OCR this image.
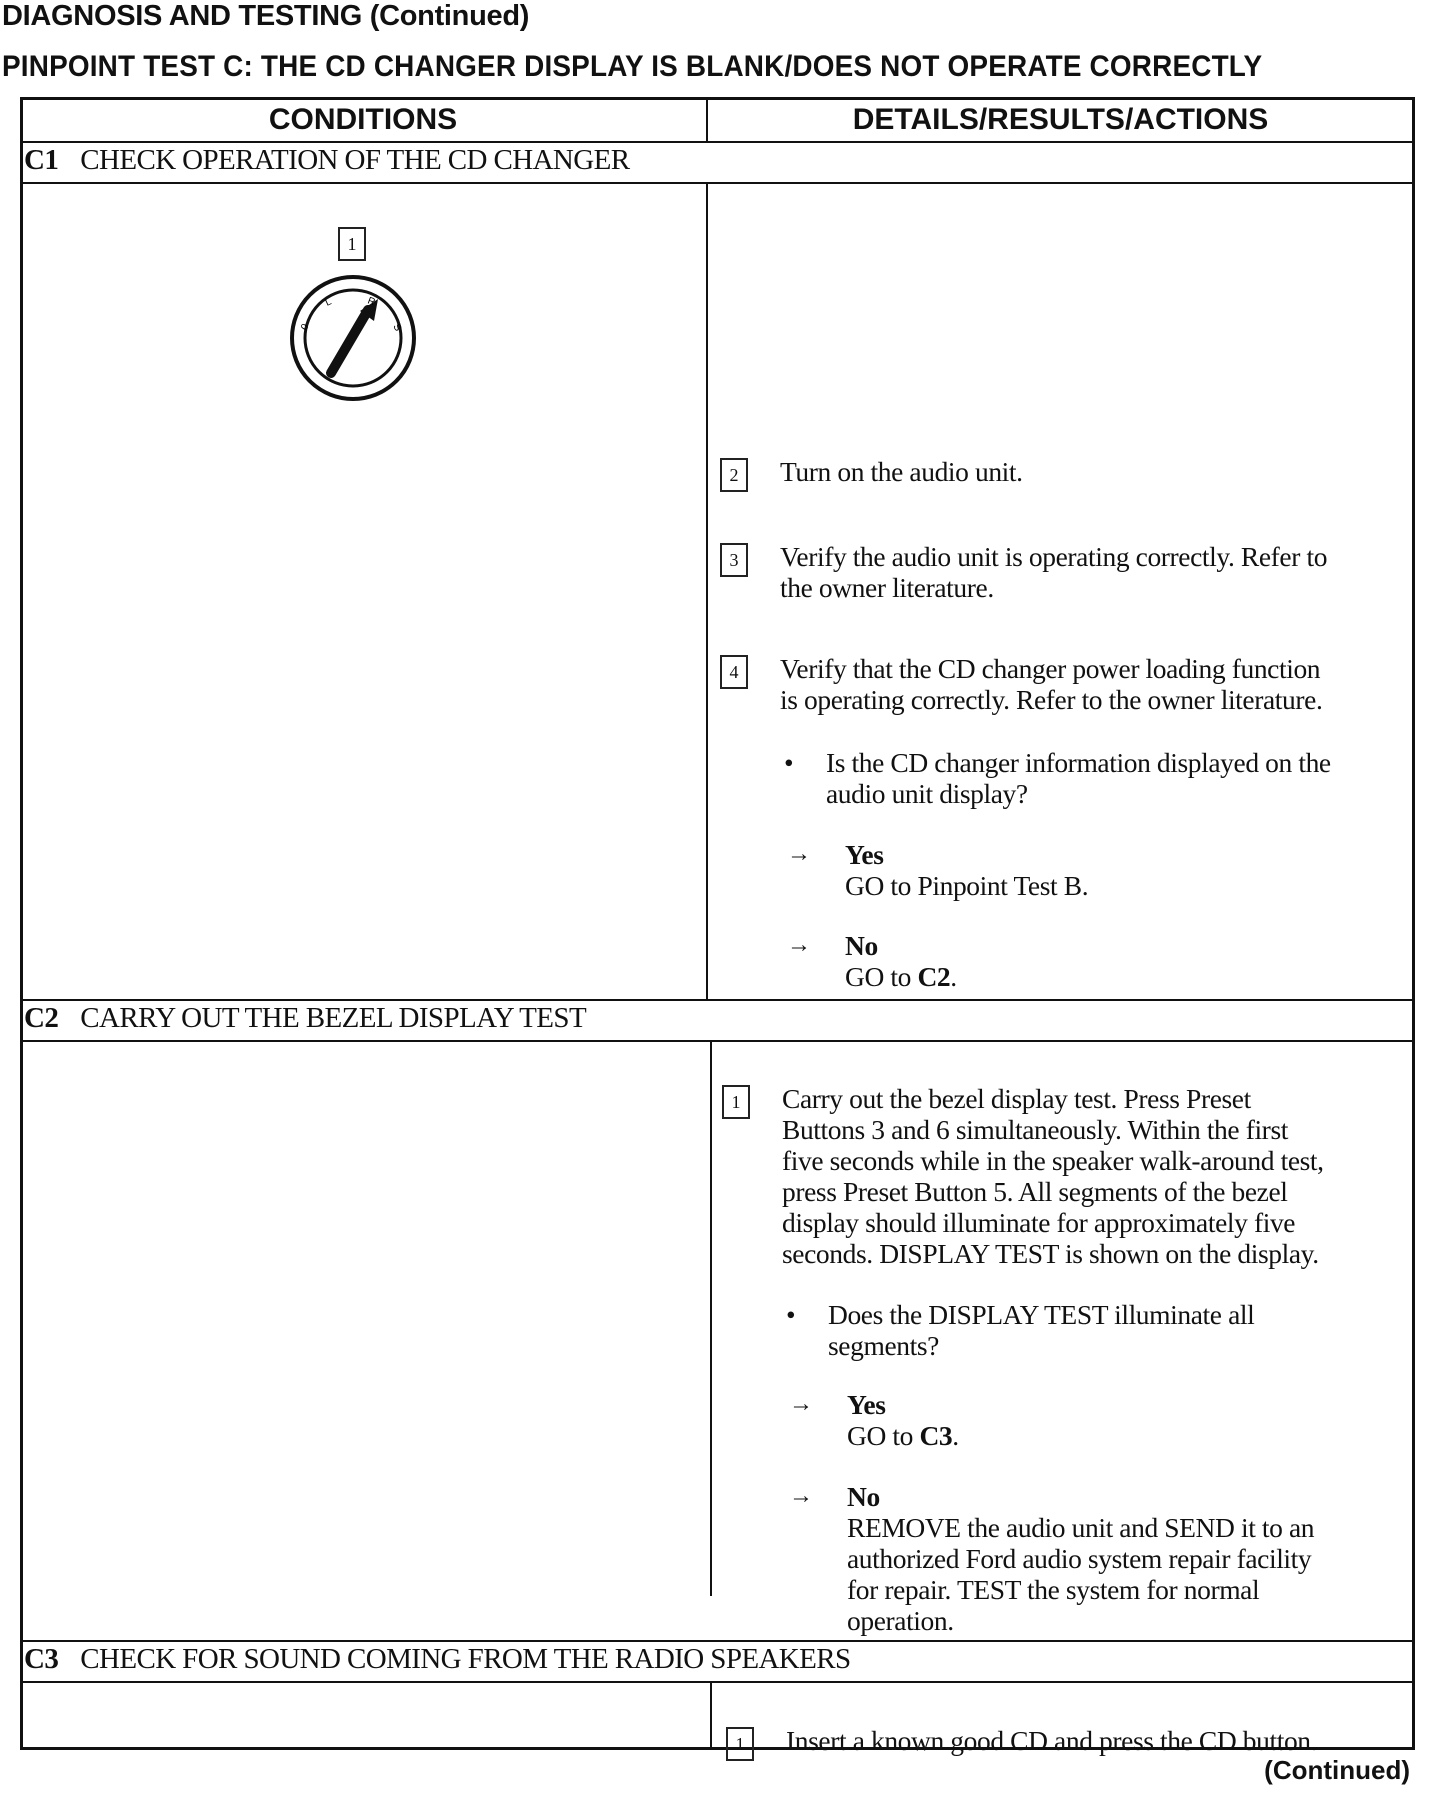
DIAGNOSIS AND TESTING (Continued)
PINPOINT TEST C: THE CD CHANGER DISPLAY IS BLANK/DOES NOT OPERATE CORRECTLY
CONDITIONS	DETAILS/RESULTS/ACTIONS
C1 CHECK OPERATION OF THE CD CHANGER
1
0
L	R
S
2	Turn on the audio unit.
3	Verify the audio unit is operating correctly. Refer to
the owner literature.
4	Verify that the CD changer power loading function
is operating correctly. Refer to the owner literature.
• Is the CD changer information displayed on the
audio unit display?
→ Yes
GO to Pinpoint Test B.
→ No
GO to C2.
C2 CARRY OUT THE BEZEL DISPLAY TEST
1	Carry out the bezel display test. Press Preset
Buttons 3 and 6 simultaneously. Within the first
five seconds while in the speaker walk-around test,
press Preset Button 5. All segments of the bezel
display should illuminate for approximately five
seconds. DISPLAY TEST is shown on the display.
• Does the DISPLAY TEST illuminate all
segments?
→ Yes
GO to C3.
→ No
REMOVE the audio unit and SEND it to an
authorized Ford audio system repair facility
for repair. TEST the system for normal
operation.
C3 CHECK FOR SOUND COMING FROM THE RADIO SPEAKERS
1	Insert a known good CD and press the CD button.
(Continued)
